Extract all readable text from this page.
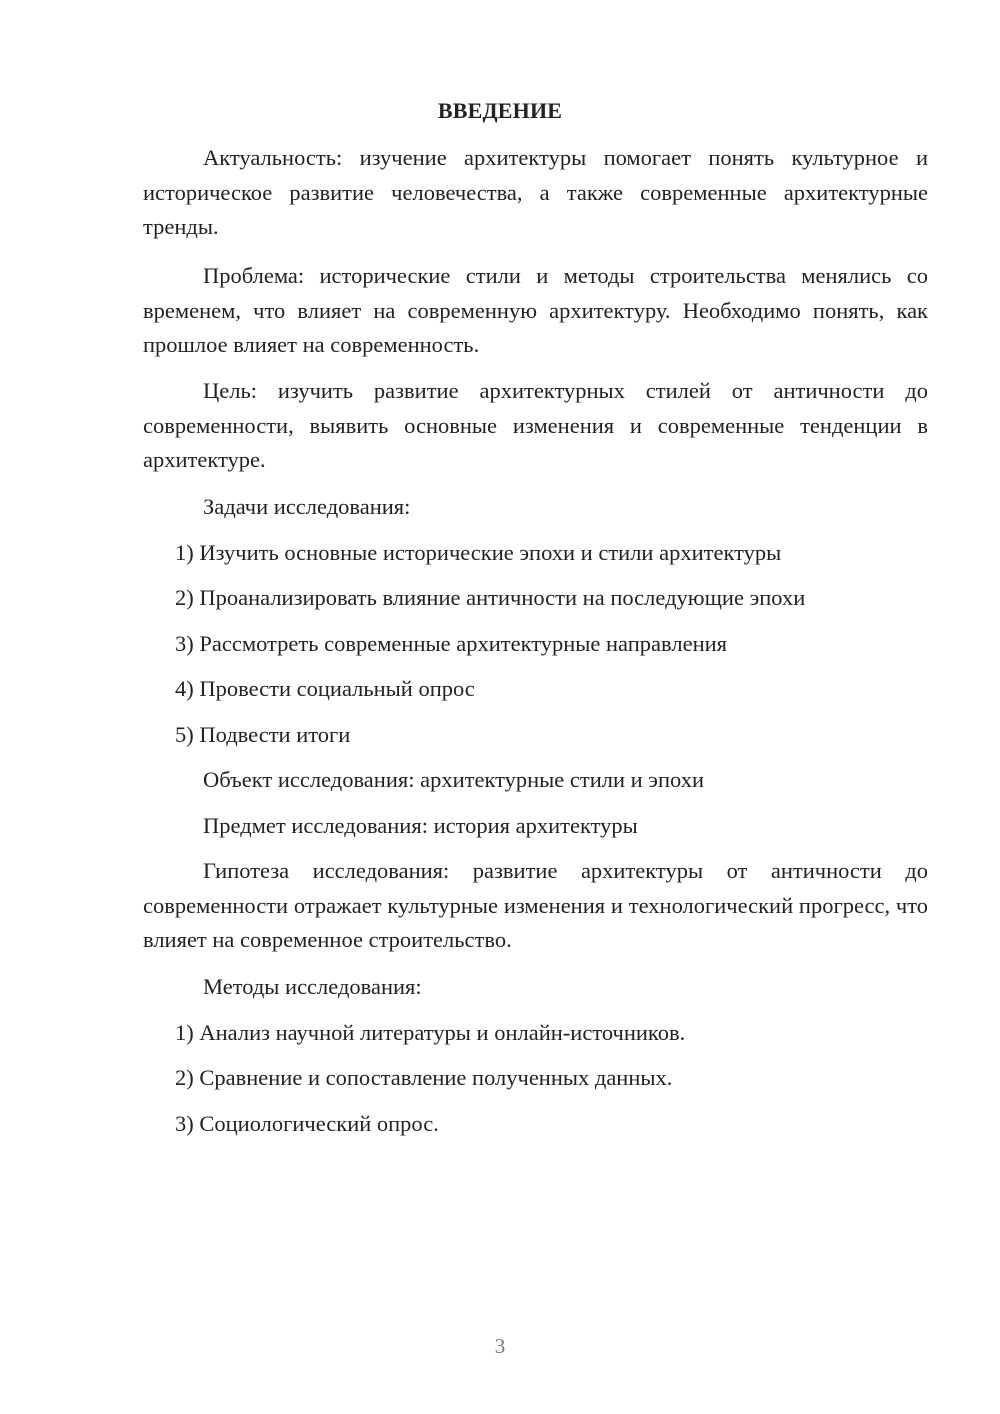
ВВЕДЕНИЕ

Актуальность: изучение архитектуры помогает понять культурное и историческое развитие человечества, а также современные архитектурные тренды.

Проблема: исторические стили и методы строительства менялись со временем, что влияет на современную архитектуру. Необходимо понять, как прошлое влияет на современность.

Цель: изучить развитие архитектурных стилей от античности до современности, выявить основные изменения и современные тенденции в архитектуре.

Задачи исследования:

1) Изучить основные исторические эпохи и стили архитектуры

2) Проанализировать влияние античности на последующие эпохи

3) Рассмотреть современные архитектурные направления

4) Провести социальный опрос

5) Подвести итоги

Объект исследования: архитектурные стили и эпохи

Предмет исследования: история архитектуры

Гипотеза исследования: развитие архитектуры от античности до современности отражает культурные изменения и технологический прогресс, что влияет на современное строительство.

Методы исследования:

1) Анализ научной литературы и онлайн-источников.

2) Сравнение и сопоставление полученных данных.

3) Социологический опрос.

3
